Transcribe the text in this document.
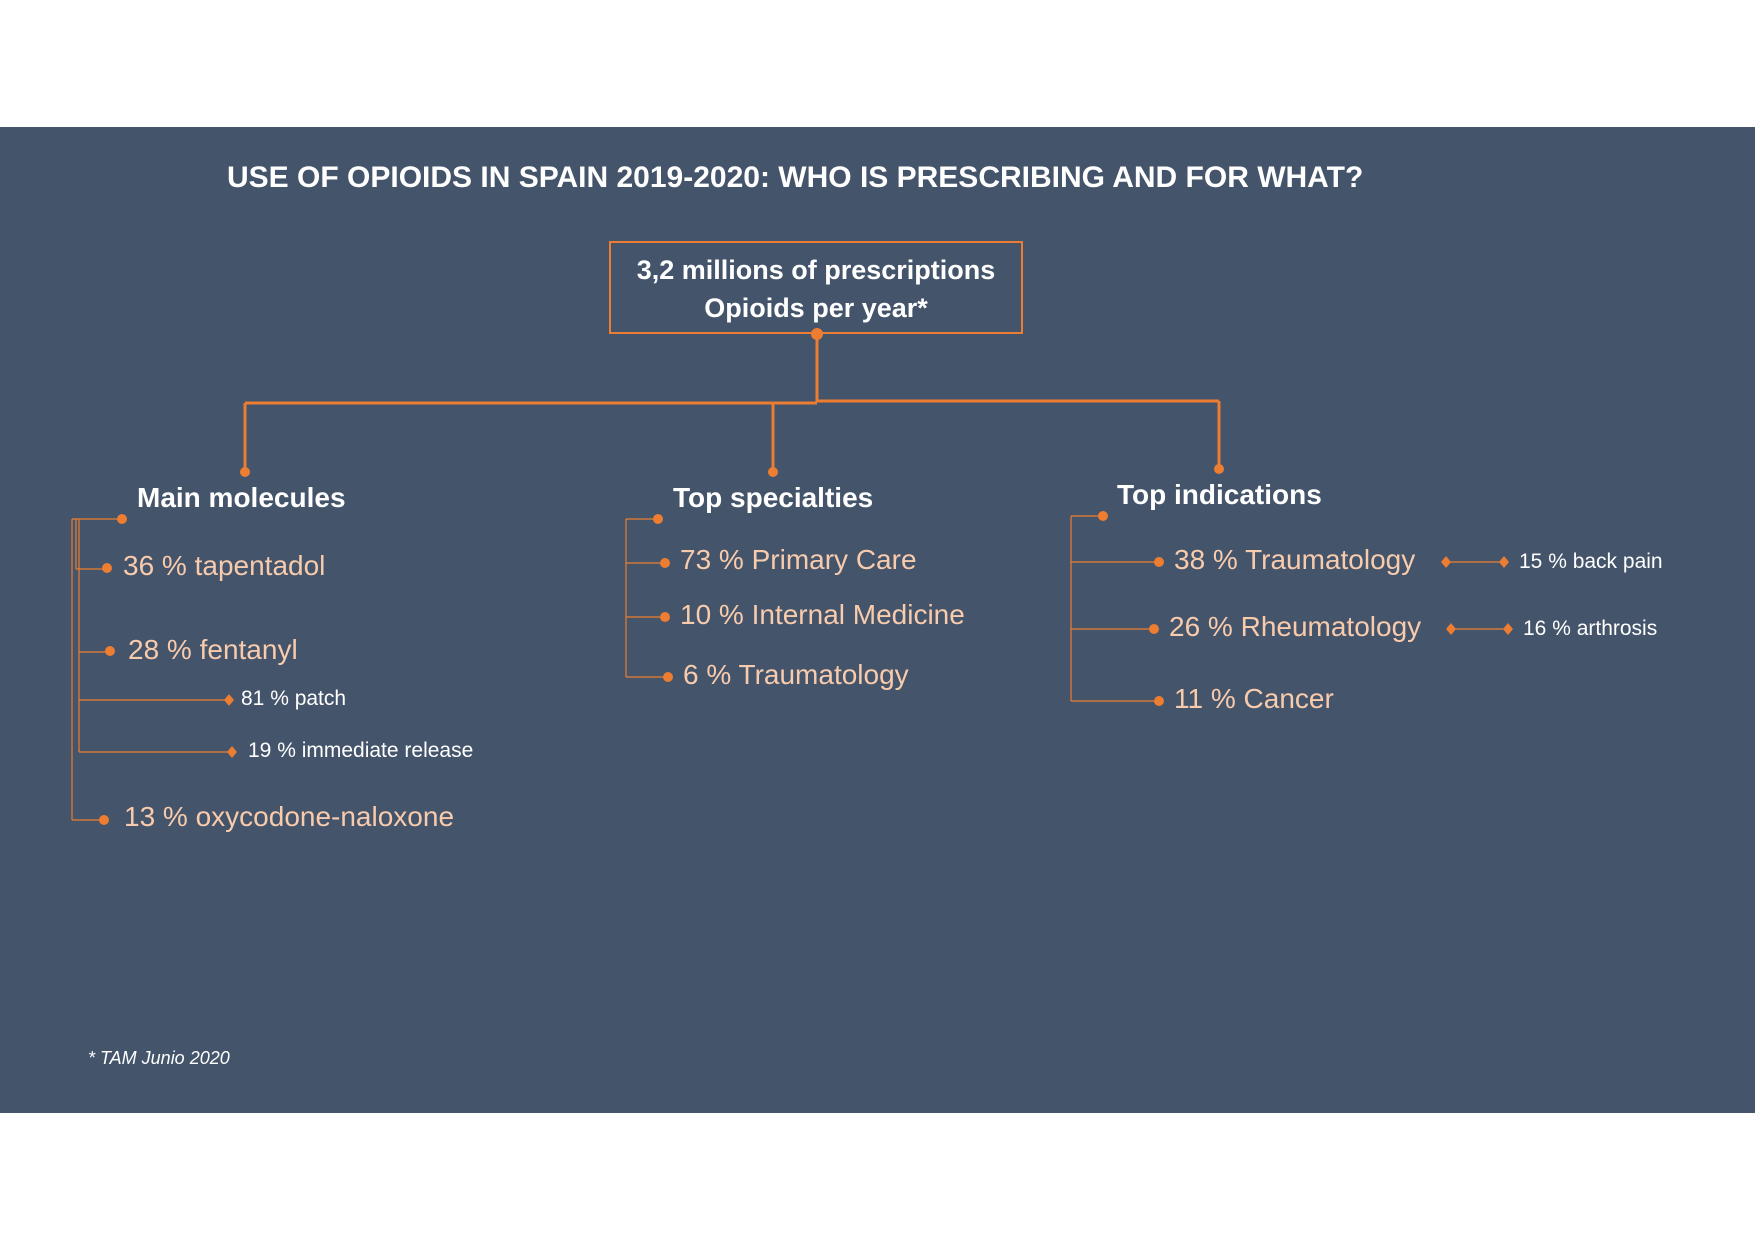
USE OF OPIOIDS IN SPAIN 2019-2020: WHO IS PRESCRIBING AND FOR WHAT?
3,2 millions of prescriptions
Opioids per year*
Main molecules
36 % tapentadol
28 % fentanyl
81 % patch
19 % immediate release
13 % oxycodone-naloxone
Top specialties
73 % Primary Care
10 % Internal Medicine
6 % Traumatology
Top indications
38 % Traumatology	15 % back pain
26 % Rheumatology	16 % arthrosis
11 % Cancer
* TAM Junio 2020
